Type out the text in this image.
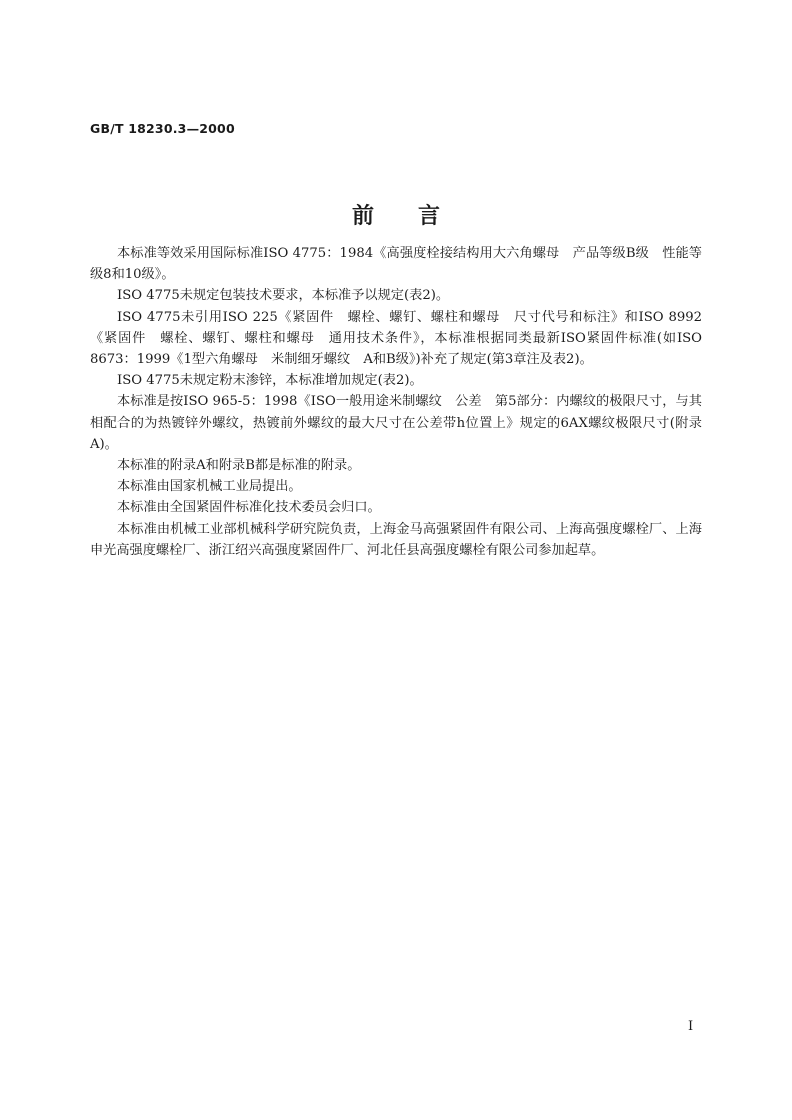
GB/T 18230.3—2000
前言

本标准等效采用国际标准ISO 4775：1984《高强度栓接结构用大六角螺母　产品等级B级　性能等级8和10级》。

ISO 4775未规定包装技术要求，本标准予以规定(表2)。

ISO 4775未引用ISO 225《紧固件　螺栓、螺钉、螺柱和螺母　尺寸代号和标注》和ISO 8992《紧固件　螺栓、螺钉、螺柱和螺母　通用技术条件》，本标准根据同类最新ISO紧固件标准(如ISO 8673：1999《1型六角螺母　米制细牙螺纹　A和B级》)补充了规定(第3章注及表2)。

ISO 4775未规定粉末渗锌，本标准增加规定(表2)。

本标准是按ISO 965-5：1998《ISO一般用途米制螺纹　公差　第5部分：内螺纹的极限尺寸，与其相配合的为热镀锌外螺纹，热镀前外螺纹的最大尺寸在公差带h位置上》规定的6AX螺纹极限尺寸(附录A)。

本标准的附录A和附录B都是标准的附录。

本标准由国家机械工业局提出。

本标准由全国紧固件标准化技术委员会归口。

本标准由机械工业部机械科学研究院负责，上海金马高强紧固件有限公司、上海高强度螺栓厂、上海申光高强度螺栓厂、浙江绍兴高强度紧固件厂、河北任县高强度螺栓有限公司参加起草。

I
